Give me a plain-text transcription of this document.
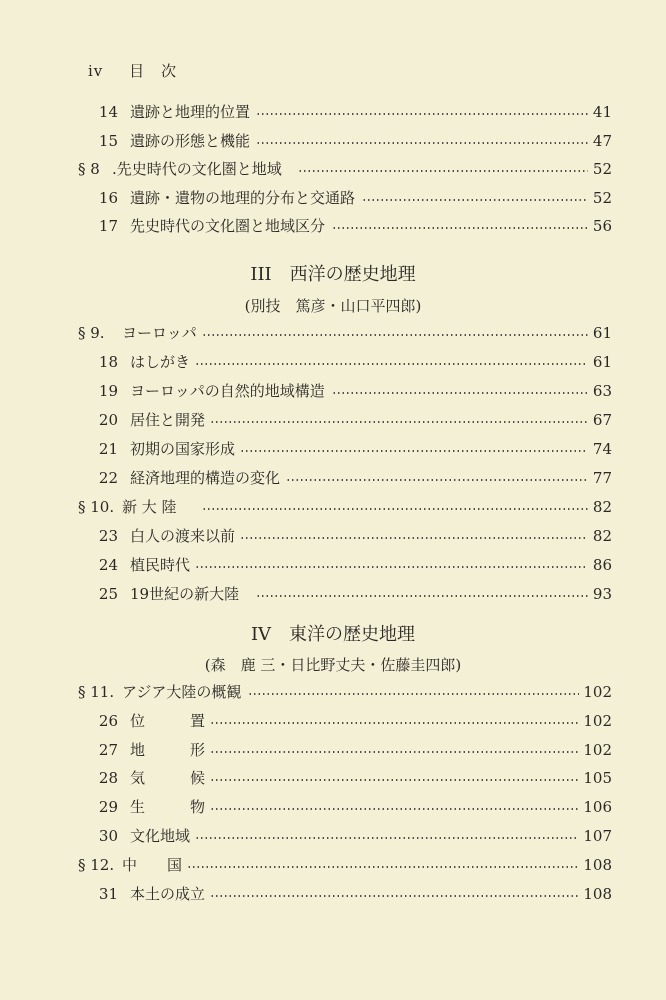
iv 目　次
14 遺跡と地理的位置	41
15 遺跡の形態と機能	47
§ 8 .先史時代の文化圏と地域	52
16 遺跡・遺物の地理的分布と交通路	52
17 先史時代の文化圏と地域区分	56
III　西洋の歴史地理
(別技　篤彦・山口平四郎)
§ 9. ヨーロッパ	61
18 はしがき	61
19 ヨーロッパの自然的地域構造	63
20 居住と開発	67
21 初期の国家形成	74
22 経済地理的構造の変化	77
§ 10. 新 大 陸	82
23 白人の渡来以前	82
24 植民時代	86
25 19世紀の新大陸	93
IV　東洋の歴史地理
(森　鹿 三・日比野丈夫・佐藤圭四郎)
§ 11. アジア大陸の概観	102
26 位　　　置	102
27 地　　　形	102
28 気　　　候	105
29 生　　　物	106
30 文化地域	107
§ 12. 中　　国	108
31 本土の成立	108
